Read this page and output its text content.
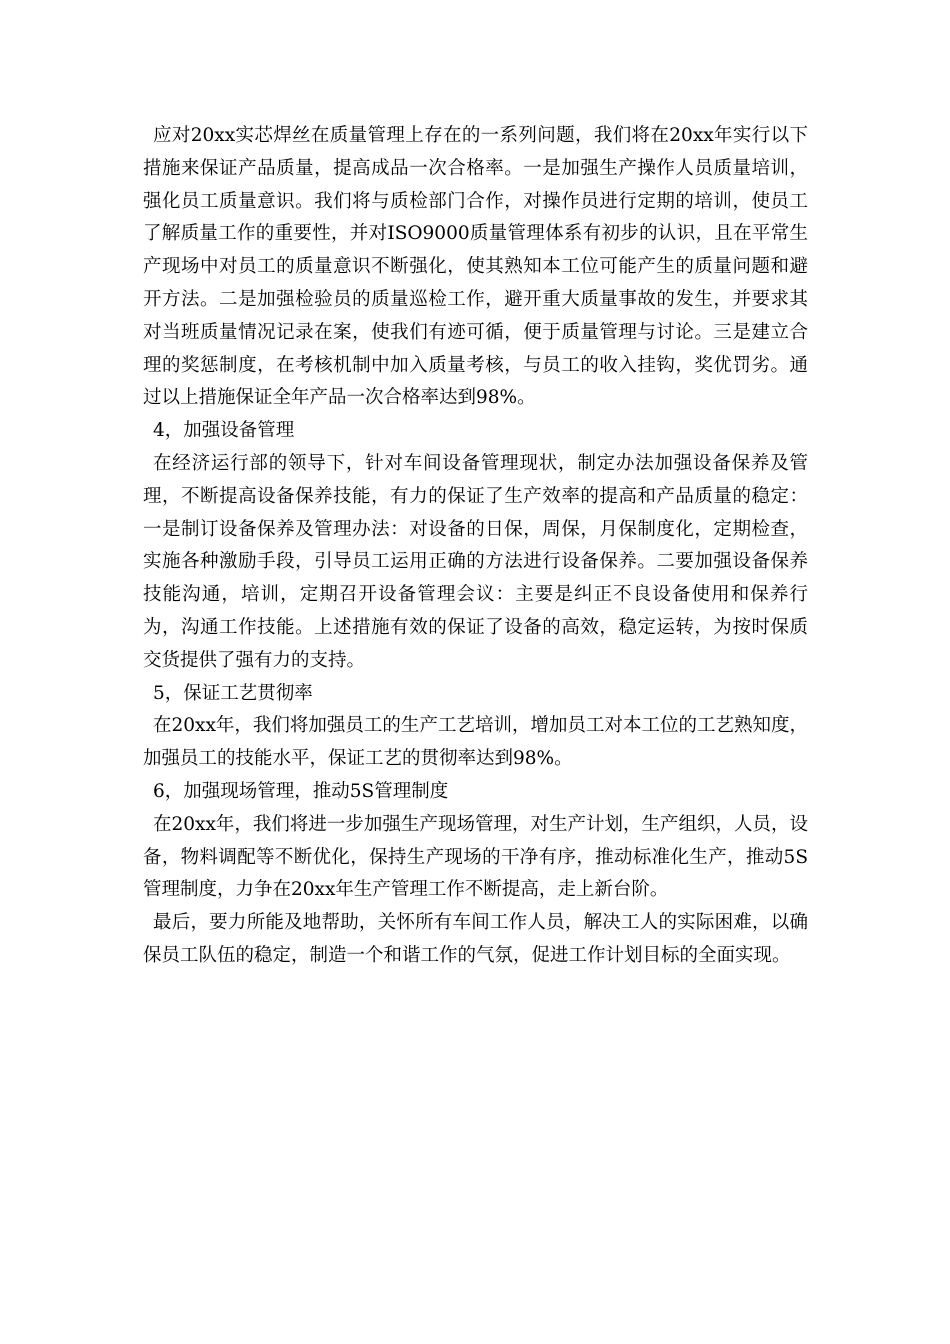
应对20xx实芯焊丝在质量管理上存在的一系列问题，我们将在20xx年实行以下措施来保证产品质量，提高成品一次合格率。一是加强生产操作人员质量培训，强化员工质量意识。我们将与质检部门合作，对操作员进行定期的培训，使员工了解质量工作的重要性，并对ISO9000质量管理体系有初步的认识，且在平常生产现场中对员工的质量意识不断强化，使其熟知本工位可能产生的质量问题和避开方法。二是加强检验员的质量巡检工作，避开重大质量事故的发生，并要求其对当班质量情况记录在案，使我们有迹可循，便于质量管理与讨论。三是建立合理的奖惩制度，在考核机制中加入质量考核，与员工的收入挂钩，奖优罚劣。通过以上措施保证全年产品一次合格率达到98%。

4，加强设备管理

在经济运行部的领导下，针对车间设备管理现状，制定办法加强设备保养及管理，不断提高设备保养技能，有力的保证了生产效率的提高和产品质量的稳定：一是制订设备保养及管理办法：对设备的日保，周保，月保制度化，定期检查，实施各种激励手段，引导员工运用正确的方法进行设备保养。二要加强设备保养技能沟通，培训，定期召开设备管理会议：主要是纠正不良设备使用和保养行为，沟通工作技能。上述措施有效的保证了设备的高效，稳定运转，为按时保质交货提供了强有力的支持。

5，保证工艺贯彻率

在20xx年，我们将加强员工的生产工艺培训，增加员工对本工位的工艺熟知度，加强员工的技能水平，保证工艺的贯彻率达到98%。

6，加强现场管理，推动5S管理制度

在20xx年，我们将进一步加强生产现场管理，对生产计划，生产组织，人员，设备，物料调配等不断优化，保持生产现场的干净有序，推动标准化生产，推动5S管理制度，力争在20xx年生产管理工作不断提高，走上新台阶。

最后，要力所能及地帮助，关怀所有车间工作人员，解决工人的实际困难，以确保员工队伍的稳定，制造一个和谐工作的气氛，促进工作计划目标的全面实现。
